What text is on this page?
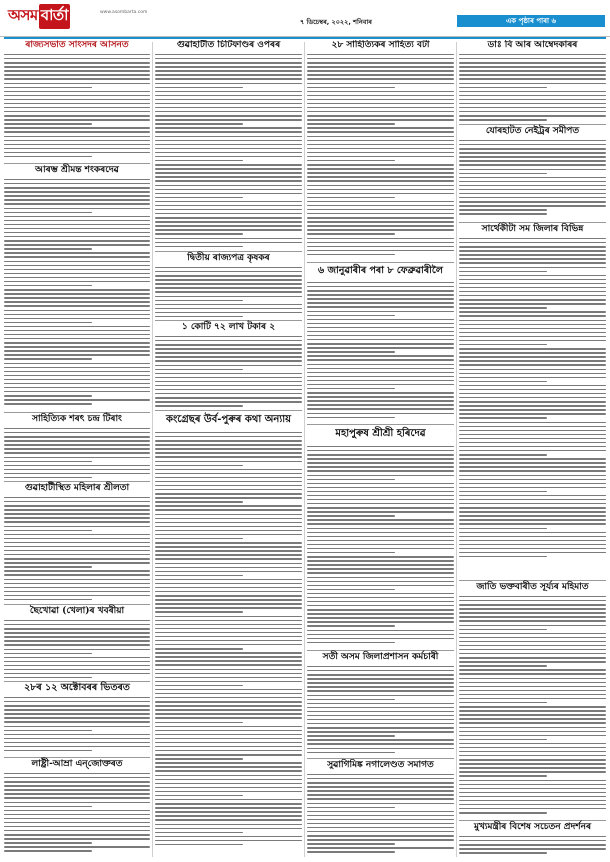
অসম বাৰ্তা	www.asombarta.com
৭ ডিচেম্বৰ, ২০২২, শনিবাৰ	এক পৃষ্ঠাৰ পাৰা ৬
ৰাজ্যসভাত সাংসদৰ আসনত
আৰম্ভ শ্ৰীমন্ত শংকৰদেৱ
সাহিত্যিক শৰৎ চন্দ্ৰ টিৰাং
গুৱাহাটীস্থিত মহিলাৰ শ্ৰীলতা
ছৈখোৱা (খেলা)ৰ খবৰীয়া
২৮ৰ ১২ অক্টোবৰৰ ভিতৰত
লাষ্ট্ৰী-আম্ৰা এন্‌জোক্তৰত
গুৱাহাটীত চিটিফাণ্ডৰ ওপৰৰ
দ্বিতীয় ৰাজ্যপত্ৰ কৃষকৰ
১ কোটি ৭২ লাখ টকাৰ ২
কংগ্ৰেছৰ উৰ্ব-পুৰুৰ কথা অন্যায়
২৮ সাহিত্যিকৰ সাহিত্য বটা
৬ জানুৱাৰীৰ পৰা ৮ ফেব্ৰুৱাৰীলৈ
মহাপুৰুষ শ্ৰীশ্ৰী হৰিদেৱ
সতী অসম জিলাপ্ৰশাসন কৰ্মচাৰী
সুৱাগিমিঙ্ক নগালেণ্ডত সমাগত
ডাঃ বি আৰ আম্বেদকাৰৰ
যোৰহাটত নেইট্ৰৰ সমীপত
সাৰ্থেকীটা সম জিলাৰ বিভিন্ন
জাতি ভক্তবাৰীত সূৰ্য্যৰ মহিমাত
মুখ্যমন্ত্ৰীৰ বিশেষ সচেতন প্ৰদৰ্শনৰ
